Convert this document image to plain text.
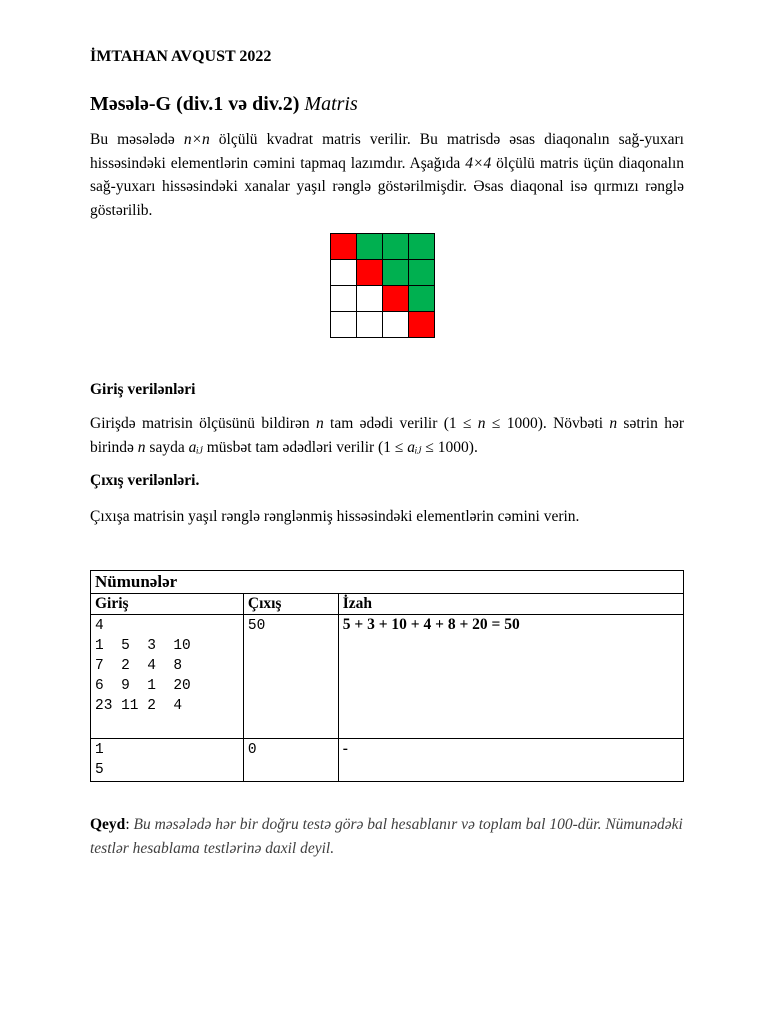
İMTAHAN AVQUST 2022
Məsələ-G (div.1 və div.2) Matris
Bu məsələdə n×n ölçülü kvadrat matris verilir. Bu matrisdə əsas diaqonalın sağ-yuxarı hissəsindəki elementlərin cəmini tapmaq lazımdır. Aşağıda 4×4 ölçülü matris üçün diaqonalın sağ-yuxarı hissəsindəki xanalar yaşıl rənglə göstərilmişdir. Əsas diaqonal isə qırmızı rənglə göstərilib.

Giriş verilənləri
Girişdə matrisin ölçüsünü bildirən n tam ədədi verilir (1 ≤ n ≤ 1000). Növbəti n sətrin hər birində n sayda aᵢⱼ müsbət tam ədədləri verilir (1 ≤ aᵢⱼ ≤ 1000).
Çıxış verilənləri.
Çıxışa matrisin yaşıl rənglə rənglənmiş hissəsindəki elementlərin cəmini verin.
Nümunələr		
Giriş	Çıxış	İzah
4
1  5  3  10
7  2  4  8
6  9  1  20
23 11 2  4	50	5 + 3 + 10 + 4 + 8 + 20 = 50
1
5	0	-
Qeyd: Bu məsələdə hər bir doğru testə görə bal hesablanır və toplam bal 100-dür. Nümunədəki testlər hesablama testlərinə daxil deyil.
